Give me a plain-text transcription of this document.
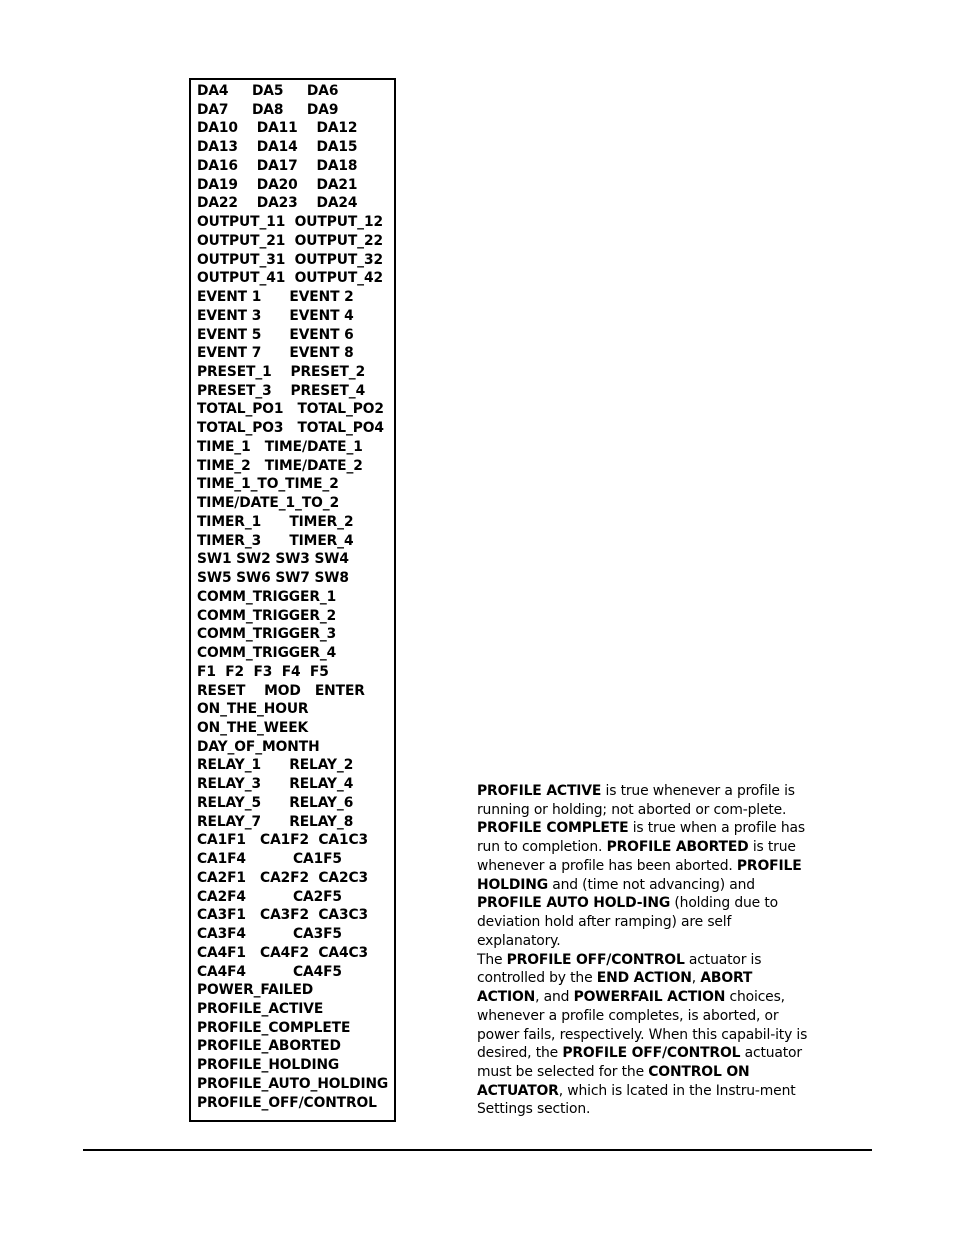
DA4     DA5     DA6
DA7     DA8     DA9
DA10    DA11    DA12
DA13    DA14    DA15
DA16    DA17    DA18
DA19    DA20    DA21
DA22    DA23    DA24
OUTPUT_11  OUTPUT_12
OUTPUT_21  OUTPUT_22
OUTPUT_31  OUTPUT_32
OUTPUT_41  OUTPUT_42
EVENT 1      EVENT 2
EVENT 3      EVENT 4
EVENT 5      EVENT 6
EVENT 7      EVENT 8
PRESET_1    PRESET_2
PRESET_3    PRESET_4
TOTAL_PO1   TOTAL_PO2
TOTAL_PO3   TOTAL_PO4
TIME_1   TIME/DATE_1
TIME_2   TIME/DATE_2
TIME_1_TO_TIME_2
TIME/DATE_1_TO_2
TIMER_1      TIMER_2
TIMER_3      TIMER_4
SW1 SW2 SW3 SW4
SW5 SW6 SW7 SW8
COMM_TRIGGER_1
COMM_TRIGGER_2
COMM_TRIGGER_3
COMM_TRIGGER_4
F1  F2  F3  F4  F5
RESET    MOD   ENTER
ON_THE_HOUR
ON_THE_WEEK
DAY_OF_MONTH
RELAY_1      RELAY_2
RELAY_3      RELAY_4
RELAY_5      RELAY_6
RELAY_7      RELAY_8
CA1F1   CA1F2  CA1C3
CA1F4          CA1F5
CA2F1   CA2F2  CA2C3
CA2F4          CA2F5
CA3F1   CA3F2  CA3C3
CA3F4          CA3F5
CA4F1   CA4F2  CA4C3
CA4F4          CA4F5
POWER_FAILED
PROFILE_ACTIVE
PROFILE_COMPLETE
PROFILE_ABORTED
PROFILE_HOLDING
PROFILE_AUTO_HOLDING
PROFILE_OFF/CONTROL

PROFILE ACTIVE is true whenever a profile is running or holding; not aborted or com-plete. PROFILE COMPLETE is true when a profile has run to completion. PROFILE ABORTED is true whenever a profile has been aborted. PROFILE HOLDING and (time not advancing) and PROFILE AUTO HOLD-ING (holding due to deviation hold after ramping) are self explanatory.

The PROFILE OFF/CONTROL actuator is controlled by the END ACTION, ABORT ACTION, and POWERFAIL ACTION choices, whenever a profile completes, is aborted, or power fails, respectively. When this capabil-ity is desired, the PROFILE OFF/CONTROL actuator must be selected for the CONTROL ON ACTUATOR, which is lcated in the Instru-ment Settings section.
